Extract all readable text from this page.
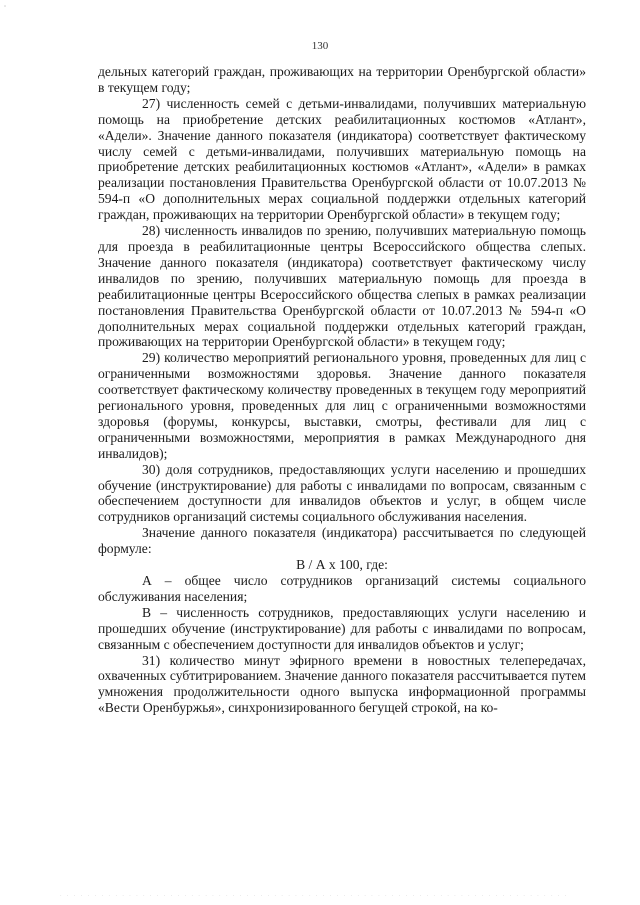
▫
130

дельных категорий граждан, проживающих на территории Оренбургской области» в текущем году;

27) численность семей с детьми-инвалидами, получивших материальную помощь на приобретение детских реабилитационных костюмов «Атлант», «Адели». Значение данного показателя (индикатора) соответствует фактическому числу семей с детьми-инвалидами, получивших материальную помощь на приобретение детских реабилитационных костюмов «Атлант», «Адели» в рамках реализации постановления Правительства Оренбургской области от 10.07.2013 № 594-п «О дополнительных мерах социальной поддержки отдельных категорий граждан, проживающих на территории Оренбургской области» в текущем году;

28) численность инвалидов по зрению, получивших материальную помощь для проезда в реабилитационные центры Всероссийского общества слепых. Значение данного показателя (индикатора) соответствует фактическому числу инвалидов по зрению, получивших материальную помощь для проезда в реабилитационные центры Всероссийского общества слепых в рамках реализации постановления Правительства Оренбургской области от 10.07.2013 № 594-п «О дополнительных мерах социальной поддержки отдельных категорий граждан, проживающих на территории Оренбургской области» в текущем году;

29) количество мероприятий регионального уровня, проведенных для лиц с ограниченными возможностями здоровья. Значение данного показателя соответствует фактическому количеству проведенных в текущем году мероприятий регионального уровня, проведенных для лиц с ограниченными возможностями здоровья (форумы, конкурсы, выставки, смотры, фестивали для лиц с ограниченными возможностями, мероприятия в рамках Международного дня инвалидов);

30) доля сотрудников, предоставляющих услуги населению и прошедших обучение (инструктирование) для работы с инвалидами по вопросам, связанным с обеспечением доступности для инвалидов объектов и услуг, в общем числе сотрудников организаций системы социального обслуживания населения.

Значение данного показателя (индикатора) рассчитывается по следующей формуле:

В / А x 100, где:

А – общее число сотрудников организаций системы социального обслуживания населения;

В – численность сотрудников, предоставляющих услуги населению и прошедших обучение (инструктирование) для работы с инвалидами по вопросам, связанным с обеспечением доступности для инвалидов объектов и услуг;

31) количество минут эфирного времени в новостных телепередачах, охваченных субтитрированием. Значение данного показателя рассчитывается путем умножения продолжительности одного выпуска информационной программы «Вести Оренбуржья», синхронизированного бегущей строкой, на ко-

· · · · · · · · · · · · · · · · · · · · · · · · · · · · · · · · · · · · · · · · · · · · · · · · · · · · · · · · · · · · · · · · · · · · · · · · · ·
